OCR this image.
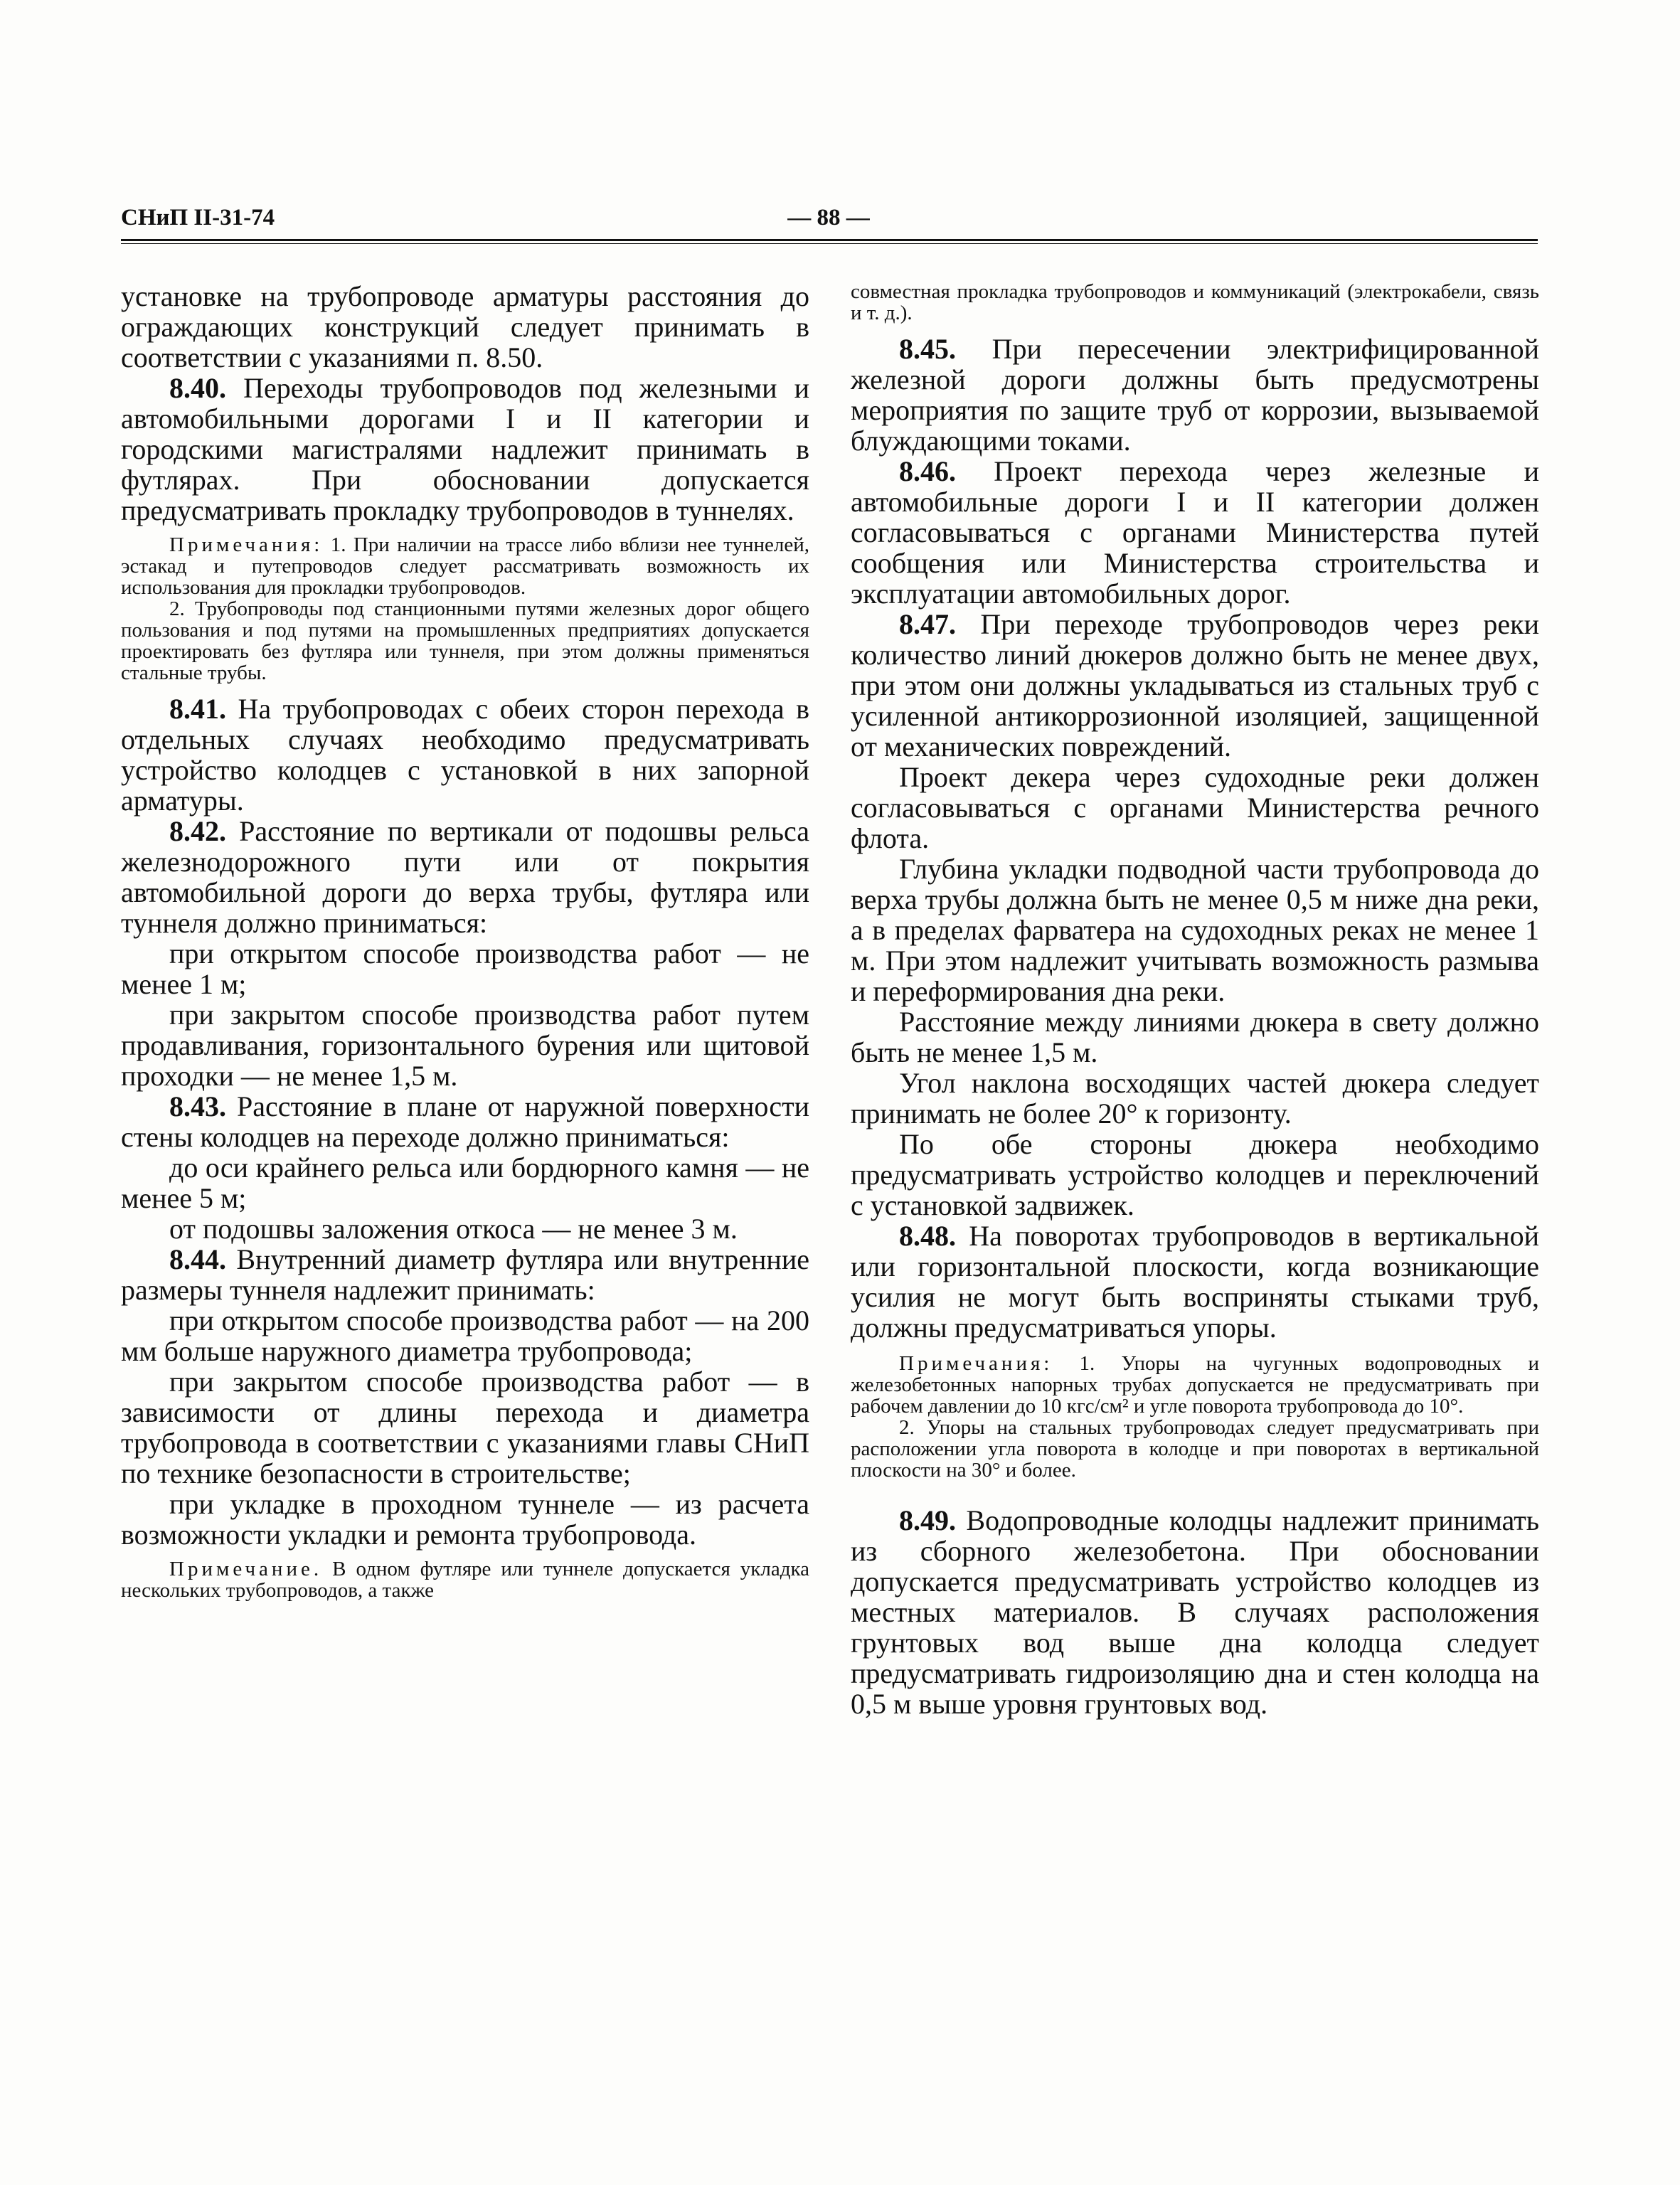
СНиП II-31-74	— 88 —

установке на трубопроводе арматуры расстояния до ограждающих конструкций следует принимать в соответствии с указаниями п. 8.50.

8.40. Переходы трубопроводов под железными и автомобильными дорогами I и II категории и городскими магистралями надлежит принимать в футлярах. При обосновании допускается предусматривать прокладку трубопроводов в туннелях.

Примечания: 1. При наличии на трассе либо вблизи нее туннелей, эстакад и путепроводов следует рассматривать возможность их использования для прокладки трубопроводов.

2. Трубопроводы под станционными путями железных дорог общего пользования и под путями на промышленных предприятиях допускается проектировать без футляра или туннеля, при этом должны применяться стальные трубы.

8.41. На трубопроводах с обеих сторон перехода в отдельных случаях необходимо предусматривать устройство колодцев с установкой в них запорной арматуры.

8.42. Расстояние по вертикали от подошвы рельса железнодорожного пути или от покрытия автомобильной дороги до верха трубы, футляра или туннеля должно приниматься:

при открытом способе производства работ — не менее 1 м;

при закрытом способе производства работ путем продавливания, горизонтального бурения или щитовой проходки — не менее 1,5 м.

8.43. Расстояние в плане от наружной поверхности стены колодцев на переходе должно приниматься:

до оси крайнего рельса или бордюрного камня — не менее 5 м;

от подошвы заложения откоса — не менее 3 м.

8.44. Внутренний диаметр футляра или внутренние размеры туннеля надлежит принимать:

при открытом способе производства работ — на 200 мм больше наружного диаметра трубопровода;

при закрытом способе производства работ — в зависимости от длины перехода и диаметра трубопровода в соответствии с указаниями главы СНиП по технике безопасности в строительстве;

при укладке в проходном туннеле — из расчета возможности укладки и ремонта трубопровода.

Примечание. В одном футляре или туннеле допускается укладка нескольких трубопроводов, а также

совместная прокладка трубопроводов и коммуникаций (электрокабели, связь и т. д.).

8.45. При пересечении электрифицированной железной дороги должны быть предусмотрены мероприятия по защите труб от коррозии, вызываемой блуждающими токами.

8.46. Проект перехода через железные и автомобильные дороги I и II категории должен согласовываться с органами Министерства путей сообщения или Министерства строительства и эксплуатации автомобильных дорог.

8.47. При переходе трубопроводов через реки количество линий дюкеров должно быть не менее двух, при этом они должны укладываться из стальных труб с усиленной антикоррозионной изоляцией, защищенной от механических повреждений.

Проект декера через судоходные реки должен согласовываться с органами Министерства речного флота.

Глубина укладки подводной части трубопровода до верха трубы должна быть не менее 0,5 м ниже дна реки, а в пределах фарватера на судоходных реках не менее 1 м. При этом надлежит учитывать возможность размыва и переформирования дна реки.

Расстояние между линиями дюкера в свету должно быть не менее 1,5 м.

Угол наклона восходящих частей дюкера следует принимать не более 20° к горизонту.

По обе стороны дюкера необходимо предусматривать устройство колодцев и переключений с установкой задвижек.

8.48. На поворотах трубопроводов в вертикальной или горизонтальной плоскости, когда возникающие усилия не могут быть восприняты стыками труб, должны предусматриваться упоры.

Примечания: 1. Упоры на чугунных водопроводных и железобетонных напорных трубах допускается не предусматривать при рабочем давлении до 10 кгс/см² и угле поворота трубопровода до 10°.

2. Упоры на стальных трубопроводах следует предусматривать при расположении угла поворота в колодце и при поворотах в вертикальной плоскости на 30° и более.

8.49. Водопроводные колодцы надлежит принимать из сборного железобетона. При обосновании допускается предусматривать устройство колодцев из местных материалов. В случаях расположения грунтовых вод выше дна колодца следует предусматривать гидроизоляцию дна и стен колодца на 0,5 м выше уровня грунтовых вод.
